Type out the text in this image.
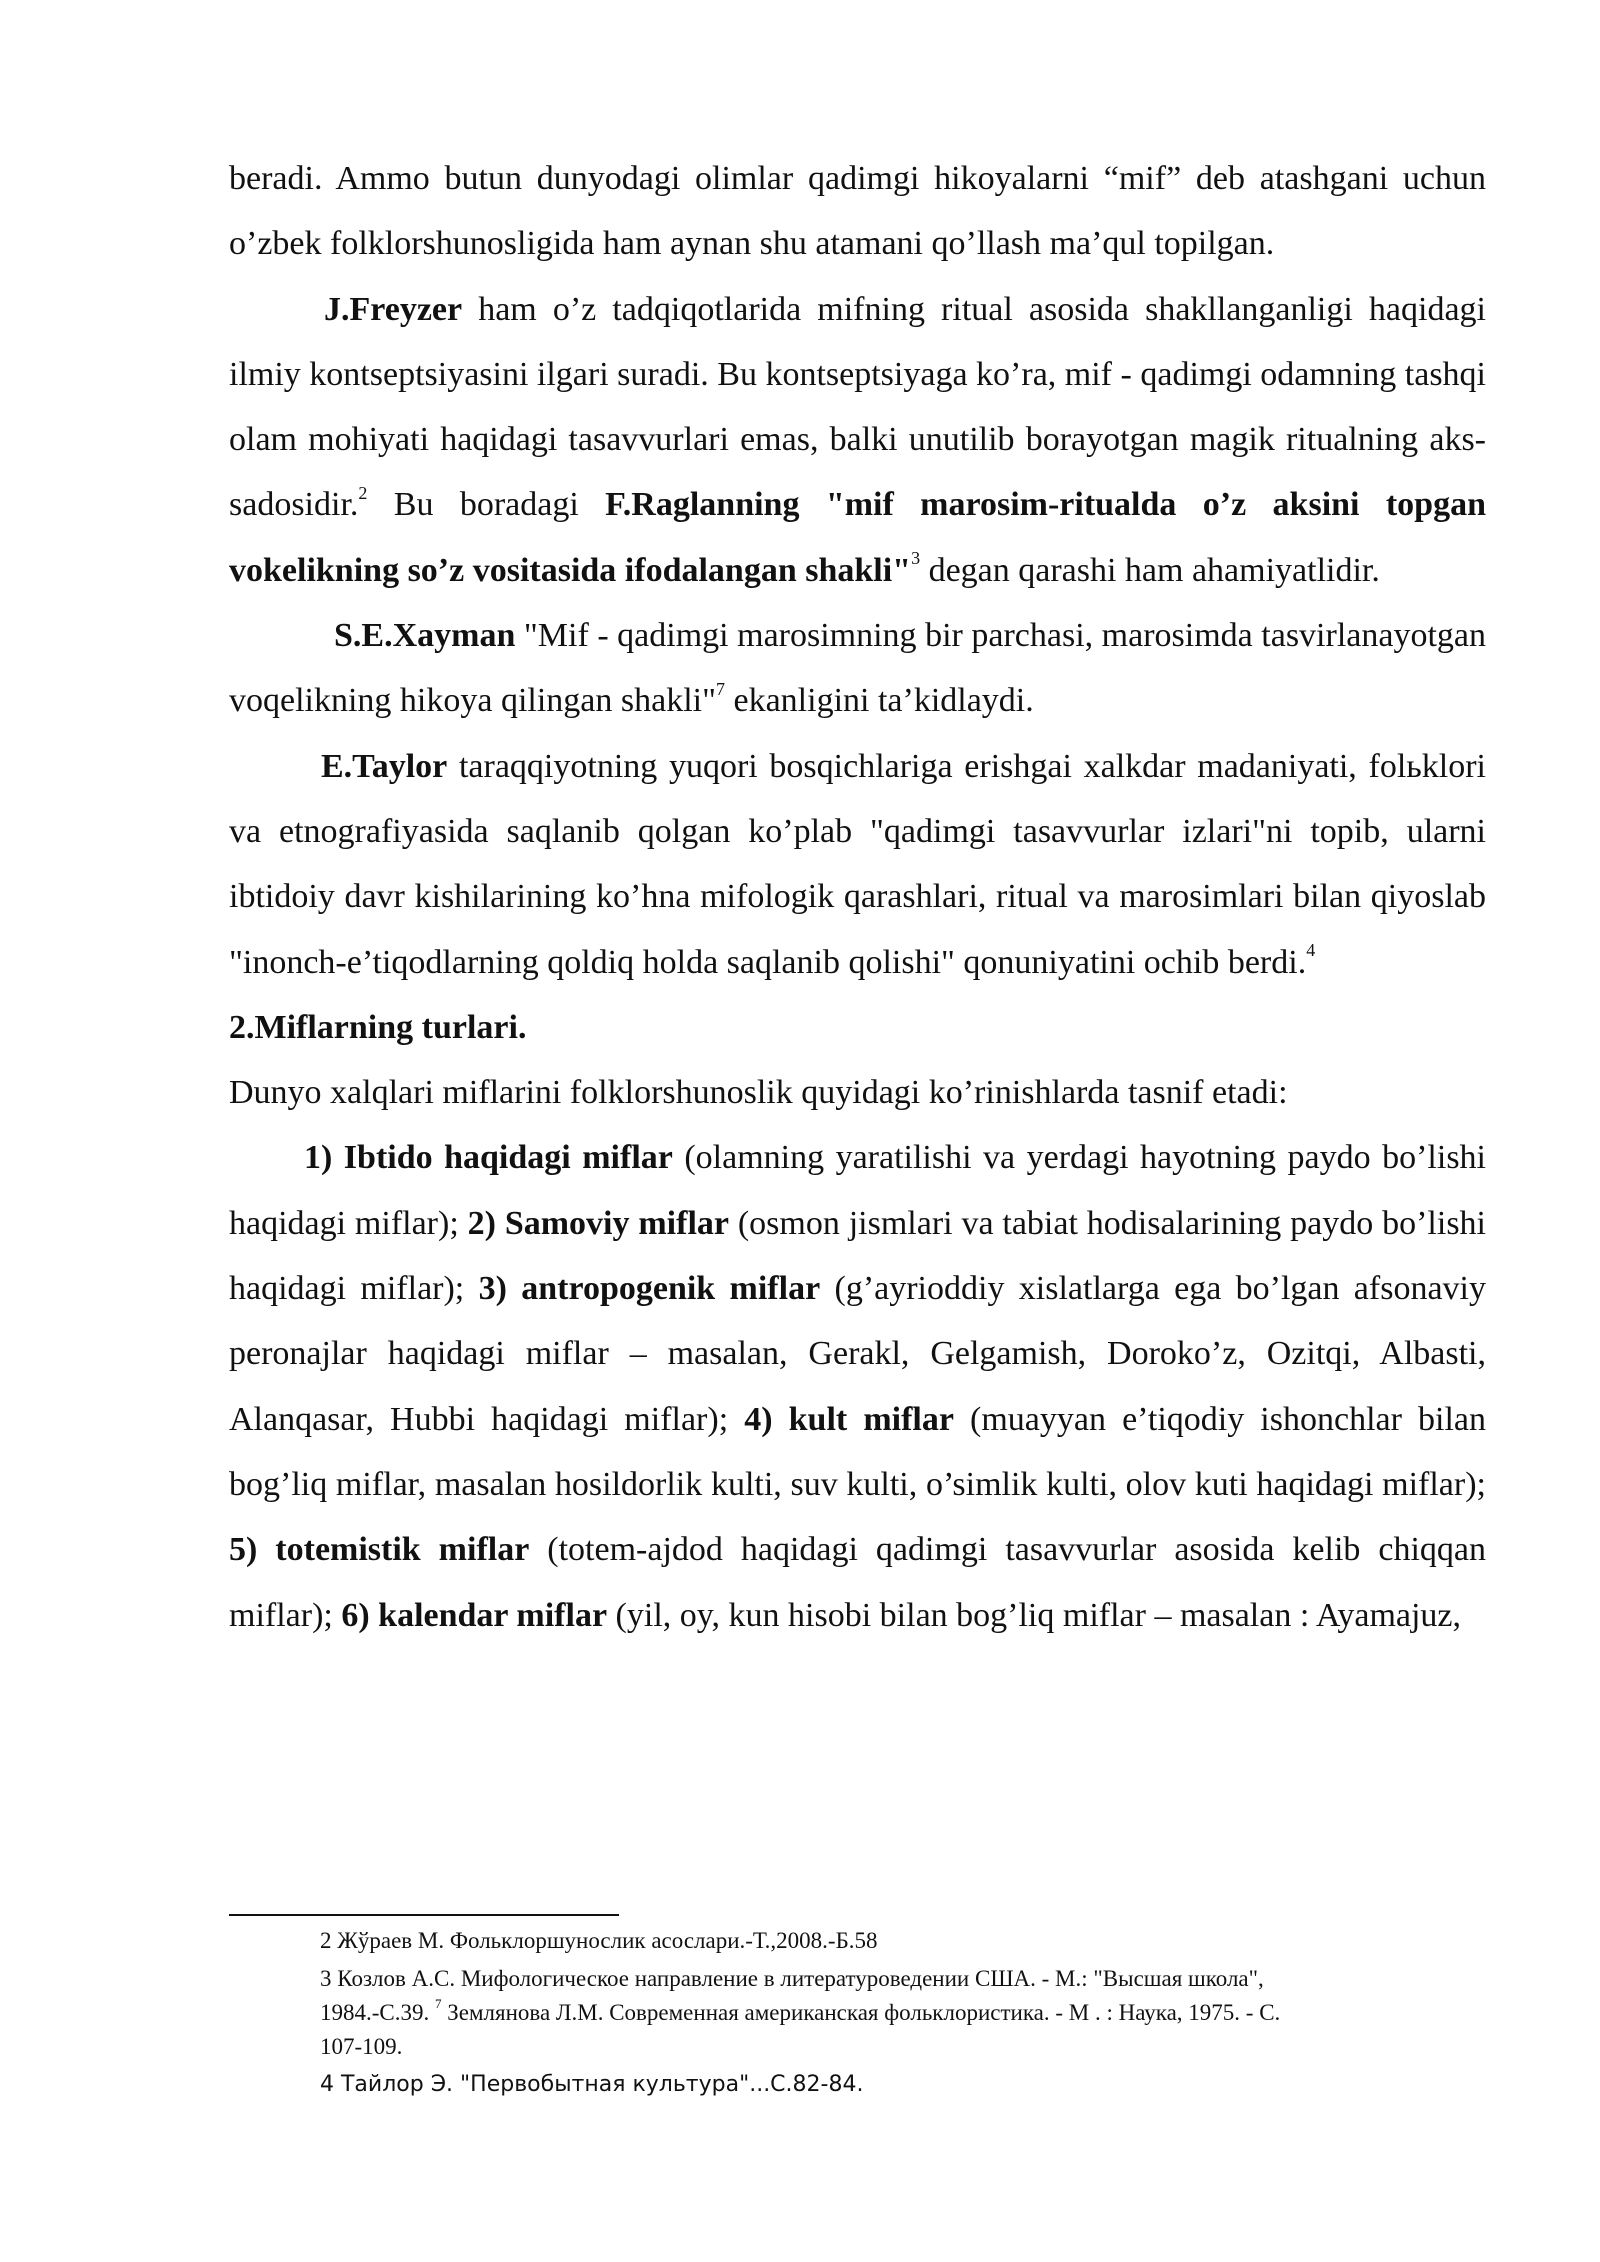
beradi. Ammo butun dunyodagi olimlar qadimgi hikoyalarni “mif” deb atashgani uchun o’zbek folklorshunosligida ham aynan shu atamani qo’llash ma’qul topilgan.

J.Freyzer ham o’z tadqiqotlarida mifning ritual asosida shakllanganligi haqidagi ilmiy kontseptsiyasini ilgari suradi. Bu kontseptsiyaga ko’ra, mif - qadimgi odamning tashqi olam mohiyati haqidagi tasavvurlari emas, balki unutilib borayotgan magik ritualning aks-sadosidir.$^2$ Bu boradagi F.Raglanning "mif marosim-ritualda o’z aksini topgan vokelikning so’z vositasida ifodalangan shakli"$^3$ degan qarashi ham ahamiyatlidir.

S.E.Xayman "Mif - qadimgi marosimning bir parchasi, marosimda tasvirlanayotgan voqelikning hikoya qilingan shakli"$^7$ ekanligini ta’kidlaydi.

E.Taylor taraqqiyotning yuqori bosqichlariga erishgai xalkdar madaniyati, folьklori va etnografiyasida saqlanib qolgan ko’plab "qadimgi tasavvurlar izlari"ni topib, ularni ibtidoiy davr kishilarining ko’hna mifologik qarashlari, ritual va marosimlari bilan qiyoslab "inonch-e’tiqodlarning qoldiq holda saqlanib qolishi" qonuniyatini ochib berdi.$^4$

2.Miflarning turlari.

Dunyo xalqlari miflarini folklorshunoslik quyidagi ko’rinishlarda tasnif etadi:

1) Ibtido haqidagi miflar (olamning yaratilishi va yerdagi hayotning paydo bo’lishi haqidagi miflar); 2) Samoviy miflar (osmon jismlari va tabiat hodisalarining paydo bo’lishi haqidagi miflar); 3) antropogenik miflar (g’ayrioddiy xislatlarga ega bo’lgan afsonaviy peronajlar haqidagi miflar – masalan, Gerakl, Gelgamish, Doroko’z, Ozitqi, Albasti, Alanqasar, Hubbi haqidagi miflar); 4) kult miflar (muayyan e’tiqodiy ishonchlar bilan bog’liq miflar, masalan hosildorlik kulti, suv kulti, o’simlik kulti, olov kuti haqidagi miflar); 5) totemistik miflar (totem-ajdod haqidagi qadimgi tasavvurlar asosida kelib chiqqan miflar); 6) kalendar miflar (yil, oy, kun hisobi bilan bog’liq miflar – masalan : Ayamajuz,

2 Жўраев М. Фольклоршунослик асослари.-Т.,2008.-Б.58

3 Козлов А.С. Мифологическое направление в литературоведении США. - М.: "Высшая школа", 1984.-С.39. $^7$ Землянова Л.М. Современная американская фольклористика. - М . : Наука, 1975. - С. 107-109.

4 Тайлор Э. "Первобытная культура"...С.82-84.
